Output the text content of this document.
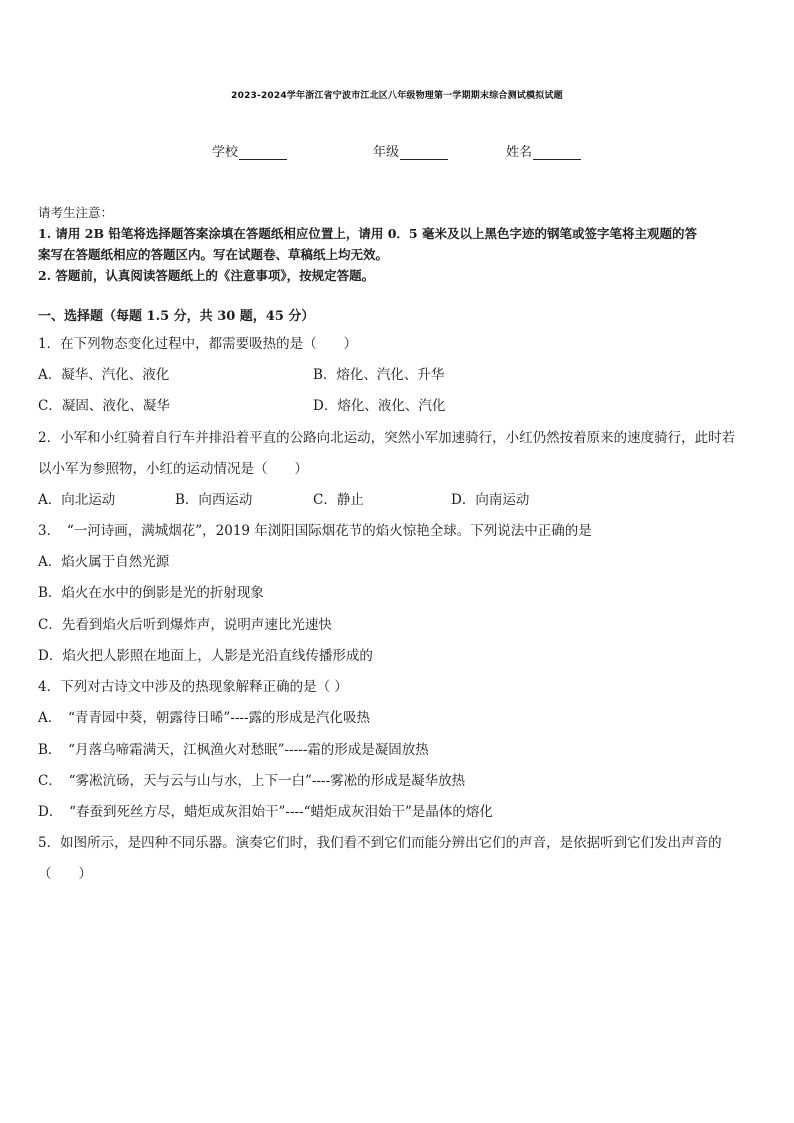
2023-2024学年浙江省宁波市江北区八年级物理第一学期期末综合测试模拟试题
学校	年级	姓名
请考生注意：
1. 请用 2B 铅笔将选择题答案涂填在答题纸相应位置上，请用 0．5 毫米及以上黑色字迹的钢笔或签字笔将主观题的答
案写在答题纸相应的答题区内。写在试题卷、草稿纸上均无效。
2. 答题前，认真阅读答题纸上的《注意事项》，按规定答题。
一、选择题（每题 1.5 分，共 30 题，45 分）
1．在下列物态变化过程中，都需要吸热的是（　　）
A．凝华、汽化、液化	B．熔化、汽化、升华
C．凝固、液化、凝华	D．熔化、液化、汽化
2．小军和小红骑着自行车并排沿着平直的公路向北运动，突然小军加速骑行，小红仍然按着原来的速度骑行，此时若
以小军为参照物，小红的运动情况是（　　）
A．向北运动	B．向西运动	C．静止	D．向南运动
3．　“一河诗画，满城烟花”，2019 年浏阳国际烟花节的焰火惊艳全球。下列说法中正确的是
A．焰火属于自然光源
B．焰火在水中的倒影是光的折射现象
C．先看到焰火后听到爆炸声，说明声速比光速快
D．焰火把人影照在地面上，人影是光沿直线传播形成的
4．下列对古诗文中涉及的热现象解释正确的是（ ）
A．　“青青园中葵，朝露待日晞”----露的形成是汽化吸热
B．　“月落乌啼霜满天，江枫渔火对愁眠”-----霜的形成是凝固放热
C．　“雾凇沆砀，天与云与山与水，上下一白”----雾凇的形成是凝华放热
D．　“春蚕到死丝方尽，蜡炬成灰泪始干”----“蜡炬成灰泪始干”是晶体的熔化
5．如图所示，是四种不同乐器。演奏它们时，我们看不到它们而能分辨出它们的声音，是依据听到它们发出声音的
（　　）
